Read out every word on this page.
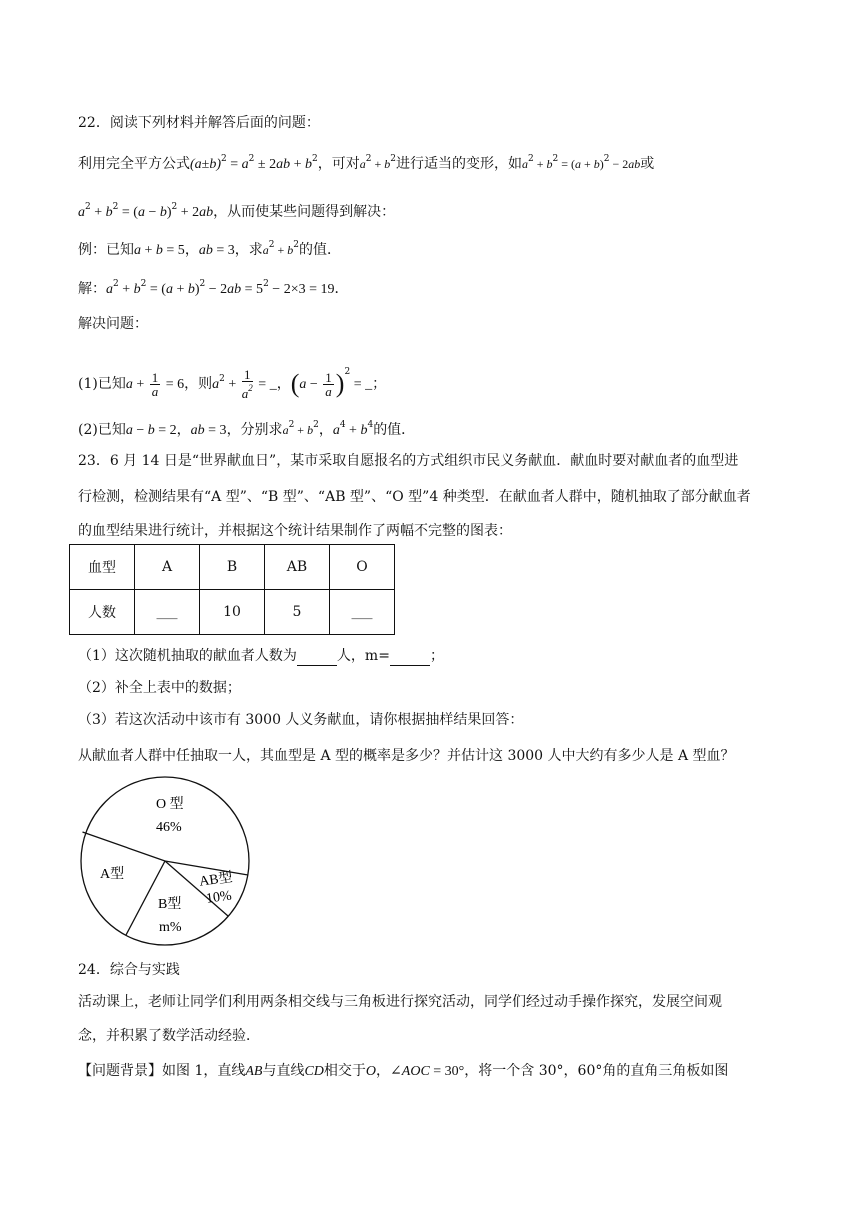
22．阅读下列材料并解答后面的问题：
利用完全平方公式$(a\pm b)^2 = a^2 \pm 2ab + b^2$，可对$a^2 + b^2$进行适当的变形，如$a^2 + b^2 = (a + b)^2 - 2ab$或
$a^2 + b^2 = (a - b)^2 + 2ab$，从而使某些问题得到解决：
例：已知a + b = 5，ab = 3，求$a^2 + b^2$的值．
解：$a^2 + b^2 = (a + b)^2 - 2ab = 5^2 - 2\times 3 = 19$．
解决问题：
(1)已知$a + \frac{1}{a} = 6$，则$a^2 + \frac{1}{a^2}$ = _，$(a - \frac{1}{a} )^2$ = _；
(2)已知a − b = 2，ab = 3，分别求$a^2 + b^2$，$a^4 + b^4$的值．
23．6 月 14 日是“世界献血日”，某市采取自愿报名的方式组织市民义务献血．献血时要对献血者的血型进
行检测，检测结果有“A 型”、“B 型”、“AB 型”、“O 型”4 种类型．在献血者人群中，随机抽取了部分献血者
的血型结果进行统计，并根据这个统计结果制作了两幅不完整的图表：
血型	A	B	AB	O
人数	___	10	5	___
（1）这次随机抽取的献血者人数为	人，m=	；
（2）补全上表中的数据；
（3）若这次活动中该市有 3000 人义务献血，请你根据抽样结果回答：
从献血者人群中任抽取一人，其血型是 A 型的概率是多少？并估计这 3000 人中大约有多少人是 A 型血？
O 型
46%
A型	AB型
10%
B型
m%
24．综合与实践
活动课上，老师让同学们利用两条相交线与三角板进行探究活动，同学们经过动手操作探究，发展空间观
念，并积累了数学活动经验．
【问题背景】如图 1，直线AB与直线CD相交于O，∠AOC = 30°，将一个含 30°，60°角的直角三角板如图
